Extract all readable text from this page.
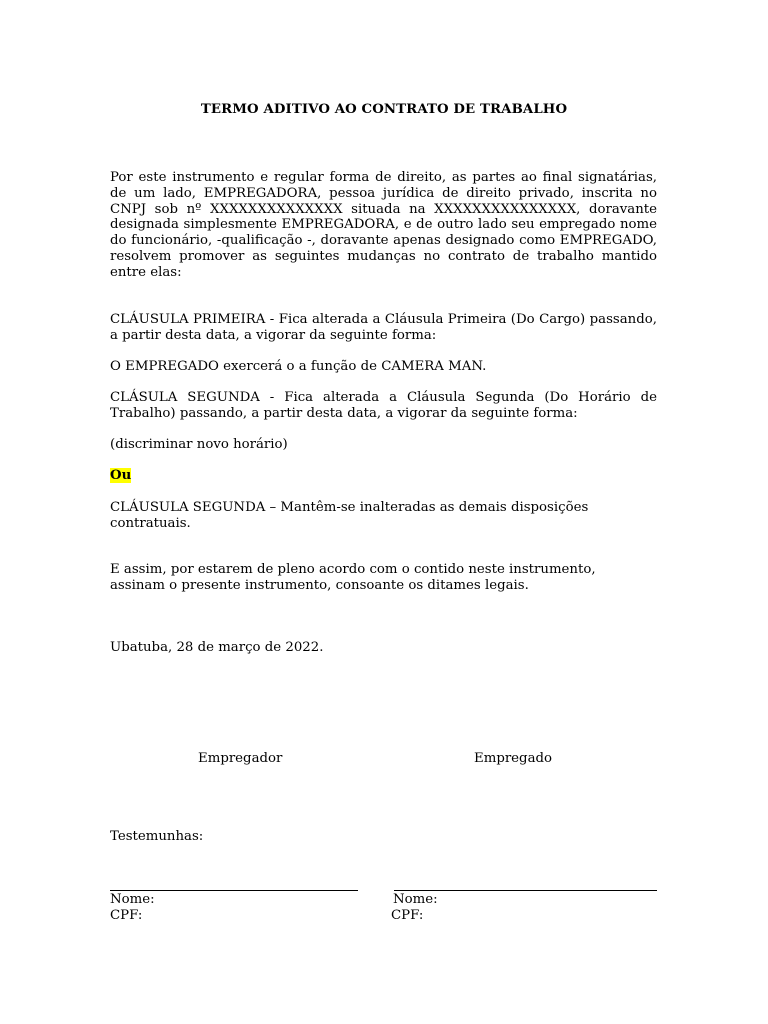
TERMO ADITIVO AO CONTRATO DE TRABALHO
Por este instrumento e regular forma de direito, as partes ao final signatárias, de um lado, EMPREGADORA, pessoa jurídica de direito privado, inscrita no CNPJ sob nº XXXXXXXXXXXXXX situada na XXXXXXXXXXXXXXX, doravante designada simplesmente EMPREGADORA, e de outro lado seu empregado nome do funcionário, -qualificação -, doravante apenas designado como EMPREGADO, resolvem promover as seguintes mudanças no contrato de trabalho mantido entre elas:
CLÁUSULA PRIMEIRA - Fica alterada a Cláusula Primeira (Do Cargo) passando, a partir desta data, a vigorar da seguinte forma:
O EMPREGADO exercerá o a função de CAMERA MAN.
CLÁSULA SEGUNDA - Fica alterada a Cláusula Segunda (Do Horário de Trabalho) passando, a partir desta data, a vigorar da seguinte forma:
(discriminar novo horário)
Ou
CLÁUSULA SEGUNDA – Mantêm-se inalteradas as demais disposições contratuais.
E assim, por estarem de pleno acordo com o contido neste instrumento, assinam o presente instrumento, consoante os ditames legais.
Ubatuba, 28 de março de 2022.
Empregador	Empregado
Testemunhas:
Nome:
CPF:
Nome:
CPF:
